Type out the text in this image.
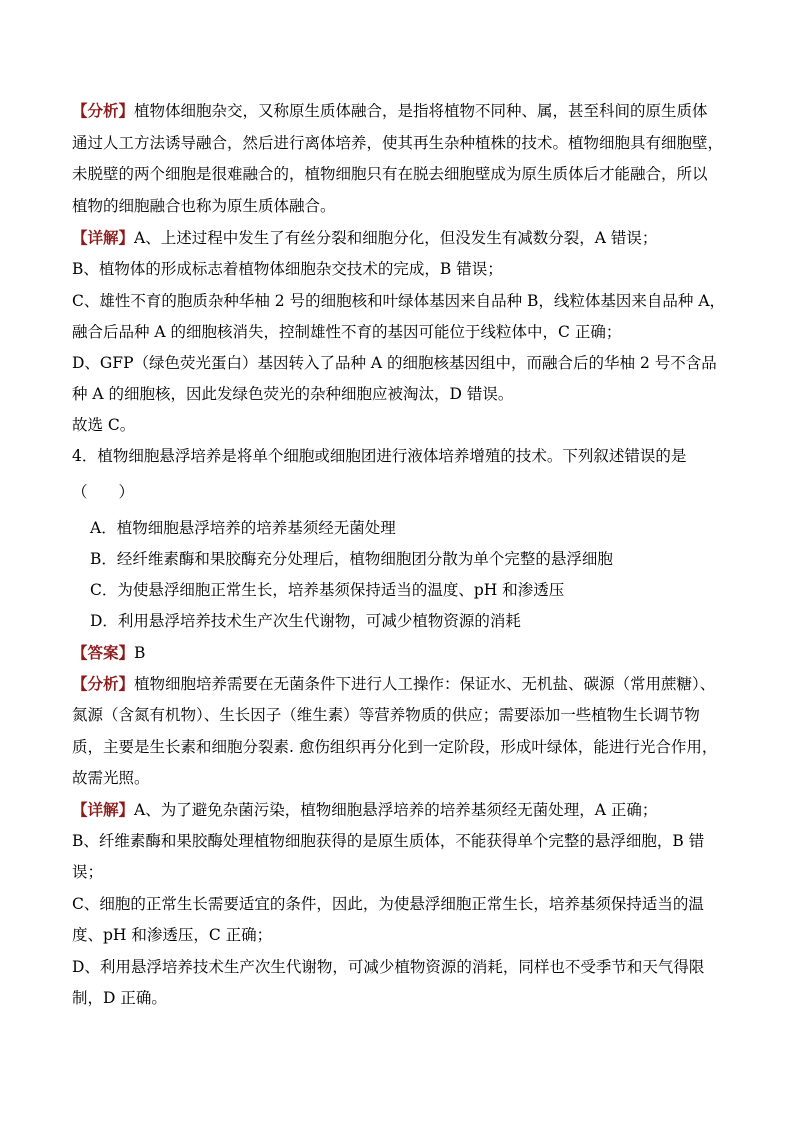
【分析】植物体细胞杂交，又称原生质体融合，是指将植物不同种、属，甚至科间的原生质体
通过人工方法诱导融合，然后进行离体培养，使其再生杂种植株的技术。植物细胞具有细胞壁，
未脱壁的两个细胞是很难融合的，植物细胞只有在脱去细胞壁成为原生质体后才能融合，所以
植物的细胞融合也称为原生质体融合。
【详解】A、上述过程中发生了有丝分裂和细胞分化，但没发生有减数分裂，A 错误；
B、植物体的形成标志着植物体细胞杂交技术的完成，B 错误；
C、雄性不育的胞质杂种华柚 2 号的细胞核和叶绿体基因来自品种 B，线粒体基因来自品种 A，
融合后品种 A 的细胞核消失，控制雄性不育的基因可能位于线粒体中，C 正确；
D、GFP（绿色荧光蛋白）基因转入了品种 A 的细胞核基因组中，而融合后的华柚 2 号不含品
种 A 的细胞核，因此发绿色荧光的杂种细胞应被淘汰，D 错误。
故选 C。
4．植物细胞悬浮培养是将单个细胞或细胞团进行液体培养增殖的技术。下列叙述错误的是
（　　）
A．植物细胞悬浮培养的培养基须经无菌处理
B．经纤维素酶和果胶酶充分处理后，植物细胞团分散为单个完整的悬浮细胞
C．为使悬浮细胞正常生长，培养基须保持适当的温度、pH 和渗透压
D．利用悬浮培养技术生产次生代谢物，可减少植物资源的消耗
【答案】B
【分析】植物细胞培养需要在无菌条件下进行人工操作：保证水、无机盐、碳源（常用蔗糖）、
氮源（含氮有机物）、生长因子（维生素）等营养物质的供应；需要添加一些植物生长调节物
质，主要是生长素和细胞分裂素. 愈伤组织再分化到一定阶段，形成叶绿体，能进行光合作用，
故需光照。
【详解】A、为了避免杂菌污染，植物细胞悬浮培养的培养基须经无菌处理，A 正确；
B、纤维素酶和果胶酶处理植物细胞获得的是原生质体，不能获得单个完整的悬浮细胞，B 错
误；
C、细胞的正常生长需要适宜的条件，因此，为使悬浮细胞正常生长，培养基须保持适当的温
度、pH 和渗透压，C 正确；
D、利用悬浮培养技术生产次生代谢物，可减少植物资源的消耗，同样也不受季节和天气得限
制，D 正确。
